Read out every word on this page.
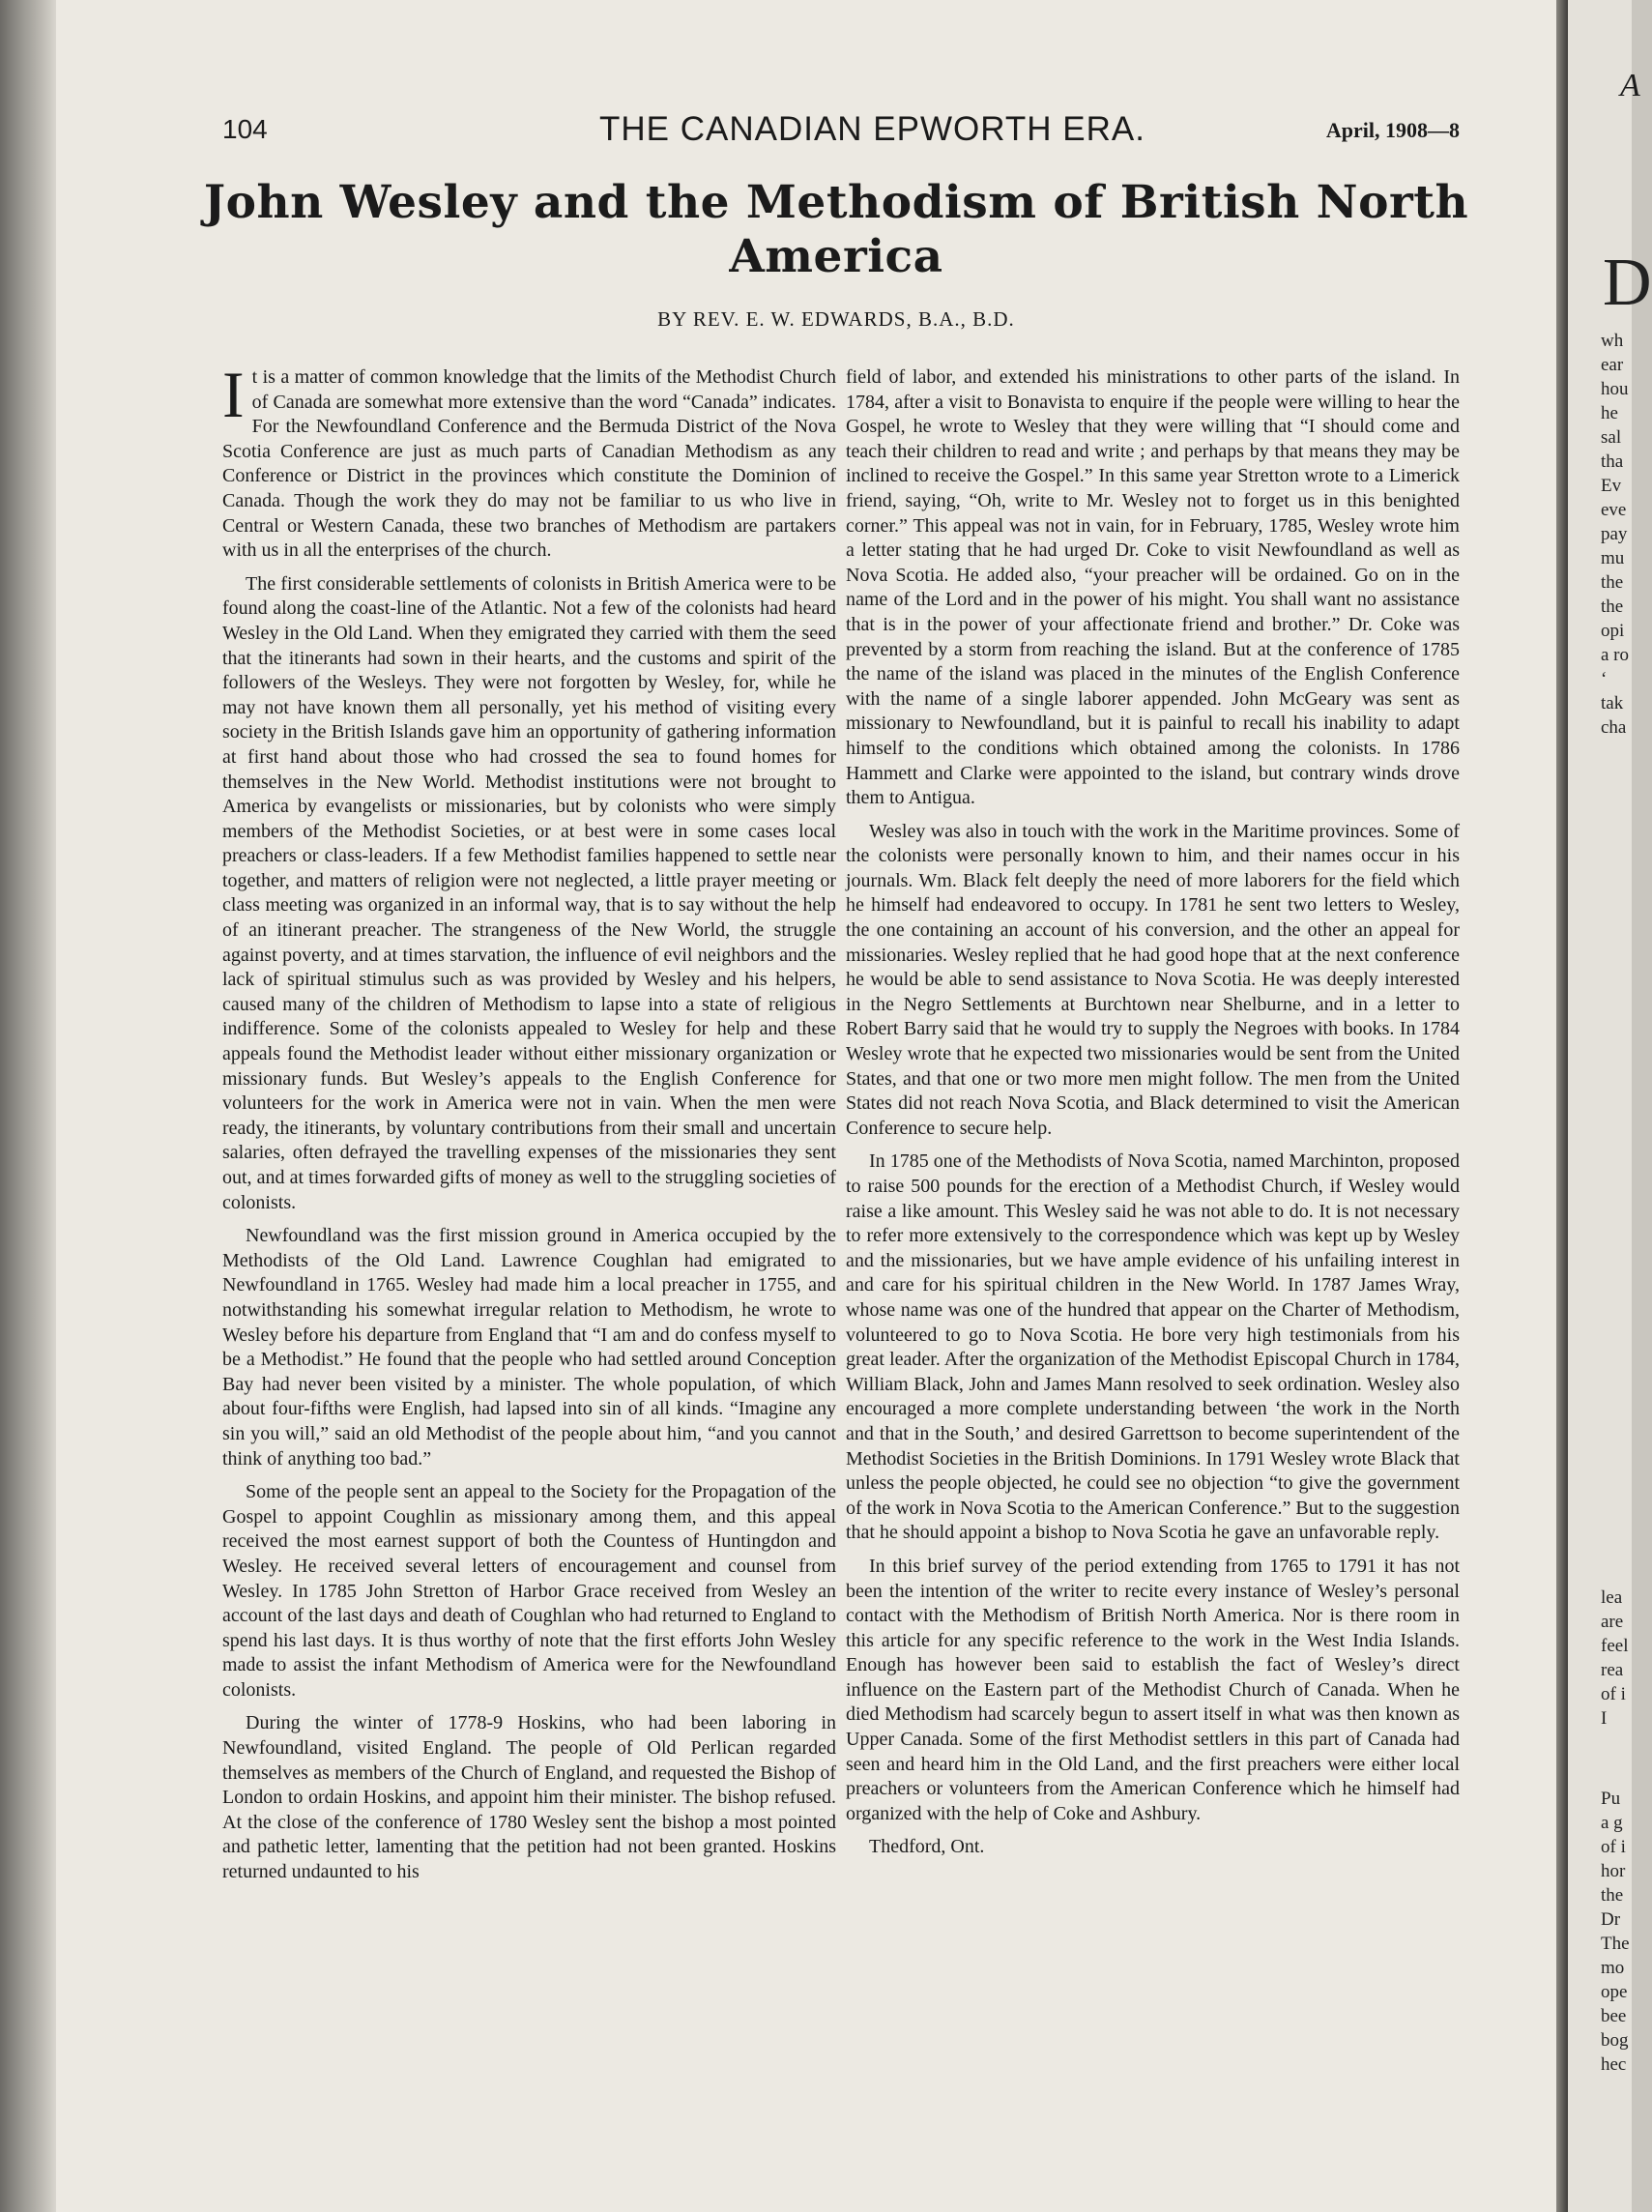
104	THE CANADIAN EPWORTH ERA.	April, 1908—8
John Wesley and the Methodism of British North America

BY REV. E. W. EDWARDS, B.A., B.D.

It is a matter of common knowledge that the limits of the Methodist Church of Canada are somewhat more extensive than the word “Canada” indicates. For the Newfoundland Conference and the Bermuda District of the Nova Scotia Conference are just as much parts of Canadian Methodism as any Conference or District in the provinces which constitute the Dominion of Canada. Though the work they do may not be familiar to us who live in Central or Western Canada, these two branches of Methodism are partakers with us in all the enterprises of the church.

The first considerable settlements of colonists in British America were to be found along the coast-line of the Atlantic. Not a few of the colonists had heard Wesley in the Old Land. When they emigrated they carried with them the seed that the itinerants had sown in their hearts, and the customs and spirit of the followers of the Wesleys. They were not forgotten by Wesley, for, while he may not have known them all personally, yet his method of visiting every society in the British Islands gave him an opportunity of gathering information at first hand about those who had crossed the sea to found homes for themselves in the New World. Methodist institutions were not brought to America by evangelists or missionaries, but by colonists who were simply members of the Methodist Societies, or at best were in some cases local preachers or class-leaders. If a few Methodist families happened to settle near together, and matters of religion were not neglected, a little prayer meeting or class meeting was organized in an informal way, that is to say without the help of an itinerant preacher. The strangeness of the New World, the struggle against poverty, and at times starvation, the influence of evil neighbors and the lack of spiritual stimulus such as was provided by Wesley and his helpers, caused many of the children of Methodism to lapse into a state of religious indifference. Some of the colonists appealed to Wesley for help and these appeals found the Methodist leader without either missionary organization or missionary funds. But Wesley’s appeals to the English Conference for volunteers for the work in America were not in vain. When the men were ready, the itinerants, by voluntary contributions from their small and uncertain salaries, often defrayed the travelling expenses of the missionaries they sent out, and at times forwarded gifts of money as well to the struggling societies of colonists.

Newfoundland was the first mission ground in America occupied by the Methodists of the Old Land. Lawrence Coughlan had emigrated to Newfoundland in 1765. Wesley had made him a local preacher in 1755, and notwithstanding his somewhat irregular relation to Methodism, he wrote to Wesley before his departure from England that “I am and do confess myself to be a Methodist.” He found that the people who had settled around Conception Bay had never been visited by a minister. The whole population, of which about four-fifths were English, had lapsed into sin of all kinds. “Imagine any sin you will,” said an old Methodist of the people about him, “and you cannot think of anything too bad.”

Some of the people sent an appeal to the Society for the Propagation of the Gospel to appoint Coughlin as missionary among them, and this appeal received the most earnest support of both the Countess of Huntingdon and Wesley. He received several letters of encouragement and counsel from Wesley. In 1785 John Stretton of Harbor Grace received from Wesley an account of the last days and death of Coughlan who had returned to England to spend his last days. It is thus worthy of note that the first efforts John Wesley made to assist the infant Methodism of America were for the Newfoundland colonists.

During the winter of 1778-9 Hoskins, who had been laboring in Newfoundland, visited England. The people of Old Perlican regarded themselves as members of the Church of England, and requested the Bishop of London to ordain Hoskins, and appoint him their minister. The bishop refused. At the close of the conference of 1780 Wesley sent the bishop a most pointed and pathetic letter, lamenting that the petition had not been granted. Hoskins returned undaunted to his

field of labor, and extended his ministrations to other parts of the island. In 1784, after a visit to Bonavista to enquire if the people were willing to hear the Gospel, he wrote to Wesley that they were willing that “I should come and teach their children to read and write ; and perhaps by that means they may be inclined to receive the Gospel.” In this same year Stretton wrote to a Limerick friend, saying, “Oh, write to Mr. Wesley not to forget us in this benighted corner.” This appeal was not in vain, for in February, 1785, Wesley wrote him a letter stating that he had urged Dr. Coke to visit Newfoundland as well as Nova Scotia. He added also, “your preacher will be ordained. Go on in the name of the Lord and in the power of his might. You shall want no assistance that is in the power of your affectionate friend and brother.” Dr. Coke was prevented by a storm from reaching the island. But at the conference of 1785 the name of the island was placed in the minutes of the English Conference with the name of a single laborer appended. John McGeary was sent as missionary to Newfoundland, but it is painful to recall his inability to adapt himself to the conditions which obtained among the colonists. In 1786 Hammett and Clarke were appointed to the island, but contrary winds drove them to Antigua.

Wesley was also in touch with the work in the Maritime provinces. Some of the colonists were personally known to him, and their names occur in his journals. Wm. Black felt deeply the need of more laborers for the field which he himself had endeavored to occupy. In 1781 he sent two letters to Wesley, the one containing an account of his conversion, and the other an appeal for missionaries. Wesley replied that he had good hope that at the next conference he would be able to send assistance to Nova Scotia. He was deeply interested in the Negro Settlements at Burchtown near Shelburne, and in a letter to Robert Barry said that he would try to supply the Negroes with books. In 1784 Wesley wrote that he expected two missionaries would be sent from the United States, and that one or two more men might follow. The men from the United States did not reach Nova Scotia, and Black determined to visit the American Conference to secure help.

In 1785 one of the Methodists of Nova Scotia, named Marchinton, proposed to raise 500 pounds for the erection of a Methodist Church, if Wesley would raise a like amount. This Wesley said he was not able to do. It is not necessary to refer more extensively to the correspondence which was kept up by Wesley and the missionaries, but we have ample evidence of his unfailing interest in and care for his spiritual children in the New World. In 1787 James Wray, whose name was one of the hundred that appear on the Charter of Methodism, volunteered to go to Nova Scotia. He bore very high testimonials from his great leader. After the organization of the Methodist Episcopal Church in 1784, William Black, John and James Mann resolved to seek ordination. Wesley also encouraged a more complete understanding between ‘the work in the North and that in the South,’ and desired Garrettson to become superintendent of the Methodist Societies in the British Dominions. In 1791 Wesley wrote Black that unless the people objected, he could see no objection “to give the government of the work in Nova Scotia to the American Conference.” But to the suggestion that he should appoint a bishop to Nova Scotia he gave an unfavorable reply.

In this brief survey of the period extending from 1765 to 1791 it has not been the intention of the writer to recite every instance of Wesley’s personal contact with the Methodism of British North America. Nor is there room in this article for any specific reference to the work in the West India Islands. Enough has however been said to establish the fact of Wesley’s direct influence on the Eastern part of the Methodist Church of Canada. When he died Methodism had scarcely begun to assert itself in what was then known as Upper Canada. Some of the first Methodist settlers in this part of Canada had seen and heard him in the Old Land, and the first preachers were either local preachers or volunteers from the American Conference which he himself had organized with the help of Coke and Ashbury.

Thedford, Ont.

A
D
wh
ear
hou
he
sal
tha
Ev
eve
pay
mu
the
the
opi
a ro
‘
tak
cha
lea
are
feel
rea
of i
I
Pu
a g
of i
hor
the
Dr
The
mo
ope
bee
bog
hec
